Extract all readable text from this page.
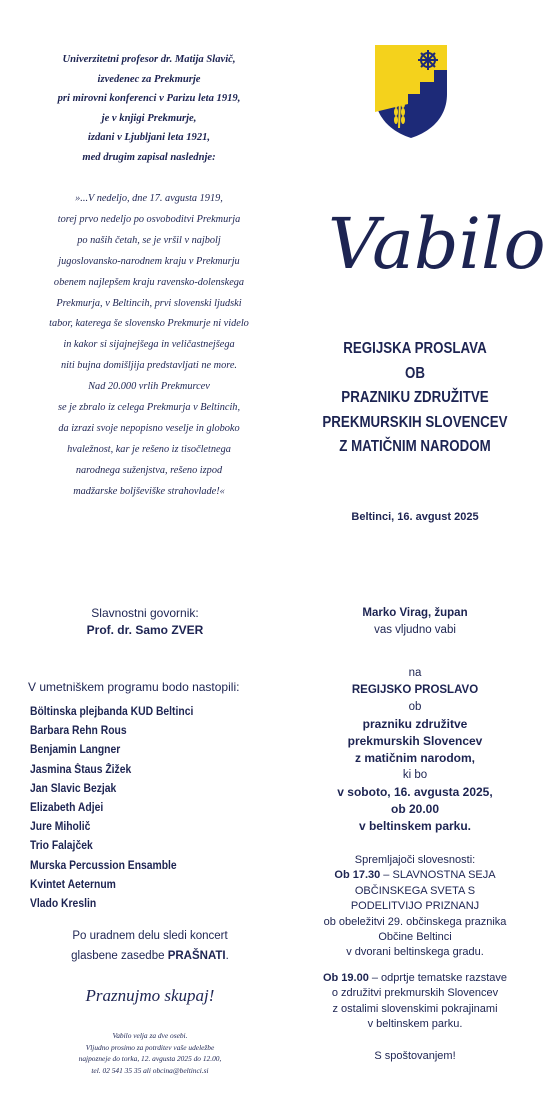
Univerzitetni profesor dr. Matija Slavič,

izvedenec za Prekmurje

pri mirovni konferenci v Parizu leta 1919,

je v knjigi Prekmurje,

izdani v Ljubljani leta 1921,

med drugim zapisal naslednje:

»...V nedeljo, dne 17. avgusta 1919,

torej prvo nedeljo po osvoboditvi Prekmurja

po naših četah, se je vršil v najbolj

jugoslovansko-narodnem kraju v Prekmurju

obenem najlepšem kraju ravensko-dolenskega

Prekmurja, v Beltincih, prvi slovenski ljudski

tabor, katerega še slovensko Prekmurje ni videlo

in kakor si sijajnejšega in veličastnejšega

niti bujna domišljija predstavljati ne more.

Nad 20.000 vrlih Prekmurcev

se je zbralo iz celega Prekmurja v Beltincih,

da izrazi svoje nepopisno veselje in globoko

hvaležnost, kar je rešeno iz tisočletnega

narodnega suženjstva, rešeno izpod

madžarske boljševiške strahovlade!«

Vabilo
REGIJSKA PROSLAVA
OB
PRAZNIKU ZDRUŽITVE
PREKMURSKIH SLOVENCEV
Z MATIČNIM NARODOM
Beltinci, 16. avgust 2025
Slavnostni govornik:
Prof. dr. Samo ZVER
V umetniškem programu bodo nastopili:
Böltinska plejbanda KUD Beltinci
Barbara Rehn Rous
Benjamin Langner
Jasmina Štaus Žižek
Jan Slavic Bezjak
Elizabeth Adjei
Jure Miholič
Trio Falajček
Murska Percussion Ensamble
Kvintet Aeternum
Vlado Kreslin
Po uradnem delu sledi koncert
glasbene zasedbe PRAŠNATI.
Praznujmo skupaj!
Vabilo velja za dve osebi.
Vljudno prosimo za potrditev vaše udeležbe
najpozneje do torka, 12. avgusta 2025 do 12.00,
tel. 02 541 35 35 ali obcina@beltinci.si
Marko Virag, župan
vas vljudno vabi
na
REGIJSKO PROSLAVO
ob
prazniku združitve
prekmurskih Slovencev
z matičnim narodom,
ki bo
v soboto, 16. avgusta 2025,
ob 20.00
v beltinskem parku.
Spremljajoči slovesnosti:
Ob 17.30 – SLAVNOSTNA SEJA
OBČINSKEGA SVETA S
PODELITVIJO PRIZNANJ
ob obeležitvi 29. občinskega praznika
Občine Beltinci
v dvorani beltinskega gradu.
Ob 19.00 – odprtje tematske razstave
o združitvi prekmurskih Slovencev
z ostalimi slovenskimi pokrajinami
v beltinskem parku.
S spoštovanjem!
